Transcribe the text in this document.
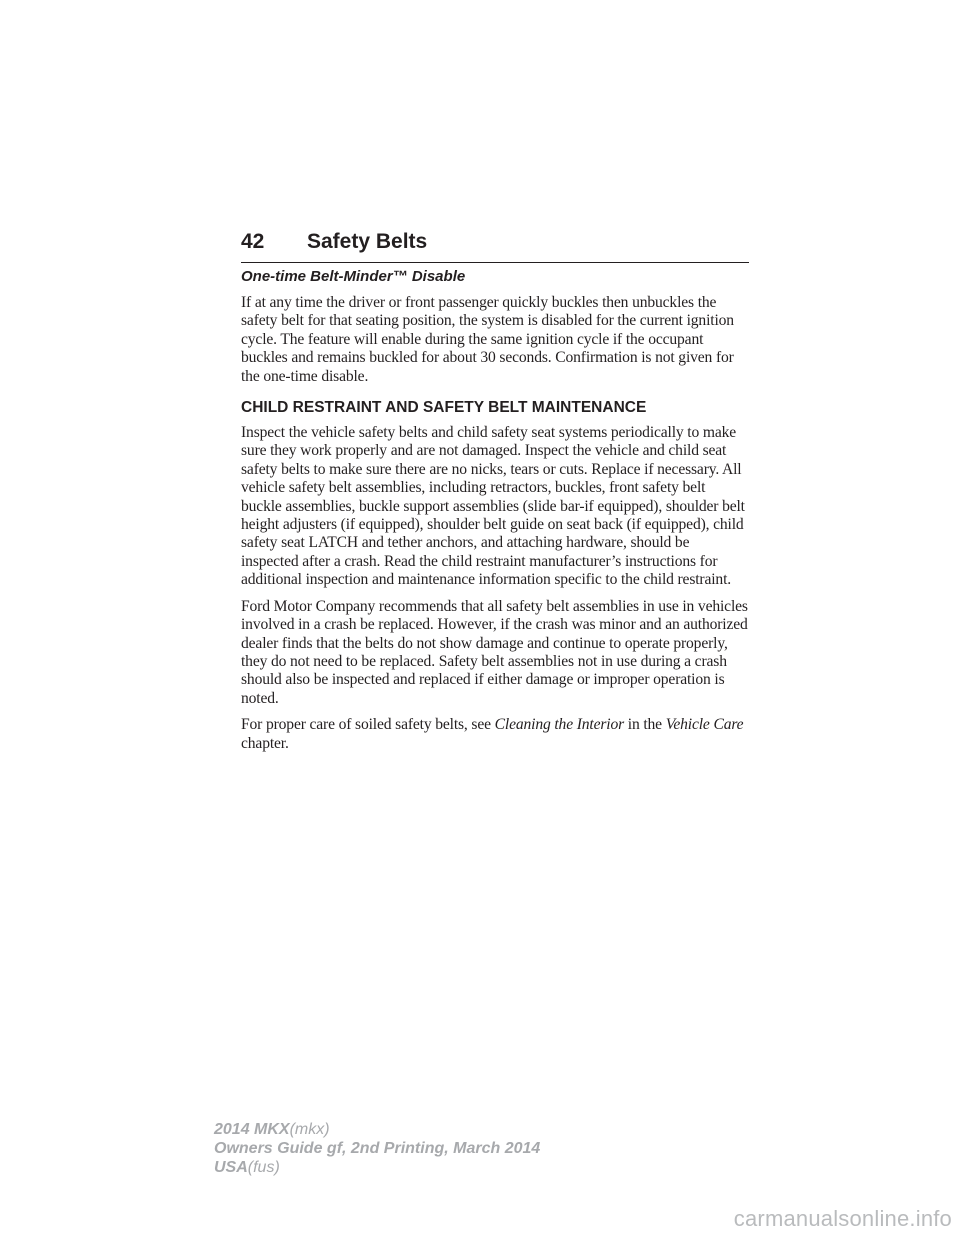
42 Safety Belts
One-time Belt-Minder™ Disable

If at any time the driver or front passenger quickly buckles then unbuckles the safety belt for that seating position, the system is disabled for the current ignition cycle. The feature will enable during the same ignition cycle if the occupant buckles and remains buckled for about 30 seconds. Confirmation is not given for the one-time disable.

CHILD RESTRAINT AND SAFETY BELT MAINTENANCE

Inspect the vehicle safety belts and child safety seat systems periodically to make sure they work properly and are not damaged. Inspect the vehicle and child seat safety belts to make sure there are no nicks, tears or cuts. Replace if necessary. All vehicle safety belt assemblies, including retractors, buckles, front safety belt buckle assemblies, buckle support assemblies (slide bar-if equipped), shoulder belt height adjusters (if equipped), shoulder belt guide on seat back (if equipped), child safety seat LATCH and tether anchors, and attaching hardware, should be inspected after a crash. Read the child restraint manufacturer’s instructions for additional inspection and maintenance information specific to the child restraint.

Ford Motor Company recommends that all safety belt assemblies in use in vehicles involved in a crash be replaced. However, if the crash was minor and an authorized dealer finds that the belts do not show damage and continue to operate properly, they do not need to be replaced. Safety belt assemblies not in use during a crash should also be inspected and replaced if either damage or improper operation is noted.

For proper care of soiled safety belts, see Cleaning the Interior in the Vehicle Care chapter.

2014 MKX(mkx)
Owners Guide gf, 2nd Printing, March 2014
USA(fus)
carmanualsonline.info
